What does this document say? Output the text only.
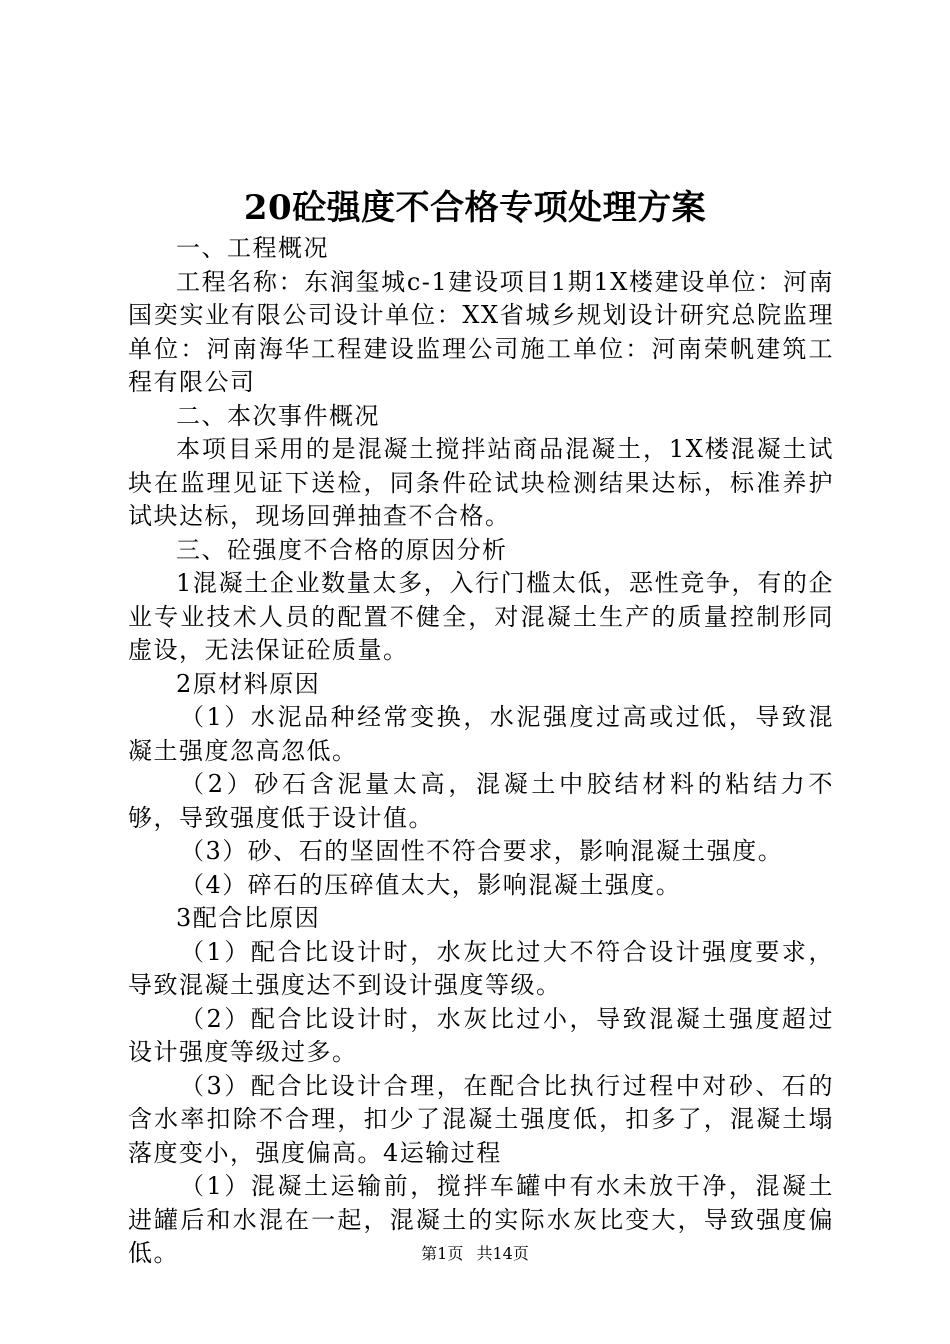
20砼强度不合格专项处理方案

一、工程概况

工程名称：东润玺城c-1建设项目1期1X楼建设单位：河南国奕实业有限公司设计单位：XX省城乡规划设计研究总院监理单位：河南海华工程建设监理公司施工单位：河南荣帆建筑工程有限公司

二、本次事件概况

本项目采用的是混凝土搅拌站商品混凝土，1X楼混凝土试块在监理见证下送检，同条件砼试块检测结果达标，标准养护试块达标，现场回弹抽查不合格。

三、砼强度不合格的原因分析

1混凝土企业数量太多，入行门槛太低，恶性竞争，有的企业专业技术人员的配置不健全，对混凝土生产的质量控制形同虚设，无法保证砼质量。

2原材料原因

（1）水泥品种经常变换，水泥强度过高或过低，导致混凝土强度忽高忽低。

（2）砂石含泥量太高，混凝土中胶结材料的粘结力不够，导致强度低于设计值。

（3）砂、石的坚固性不符合要求，影响混凝土强度。

（4）碎石的压碎值太大，影响混凝土强度。

3配合比原因

（1）配合比设计时，水灰比过大不符合设计强度要求，导致混凝土强度达不到设计强度等级。

（2）配合比设计时，水灰比过小，导致混凝土强度超过设计强度等级过多。

（3）配合比设计合理，在配合比执行过程中对砂、石的含水率扣除不合理，扣少了混凝土强度低，扣多了，混凝土塌落度变小，强度偏高。4运输过程

（1）混凝土运输前，搅拌车罐中有水未放干净，混凝土进罐后和水混在一起，混凝土的实际水灰比变大，导致强度偏低。	第1页 共14页
